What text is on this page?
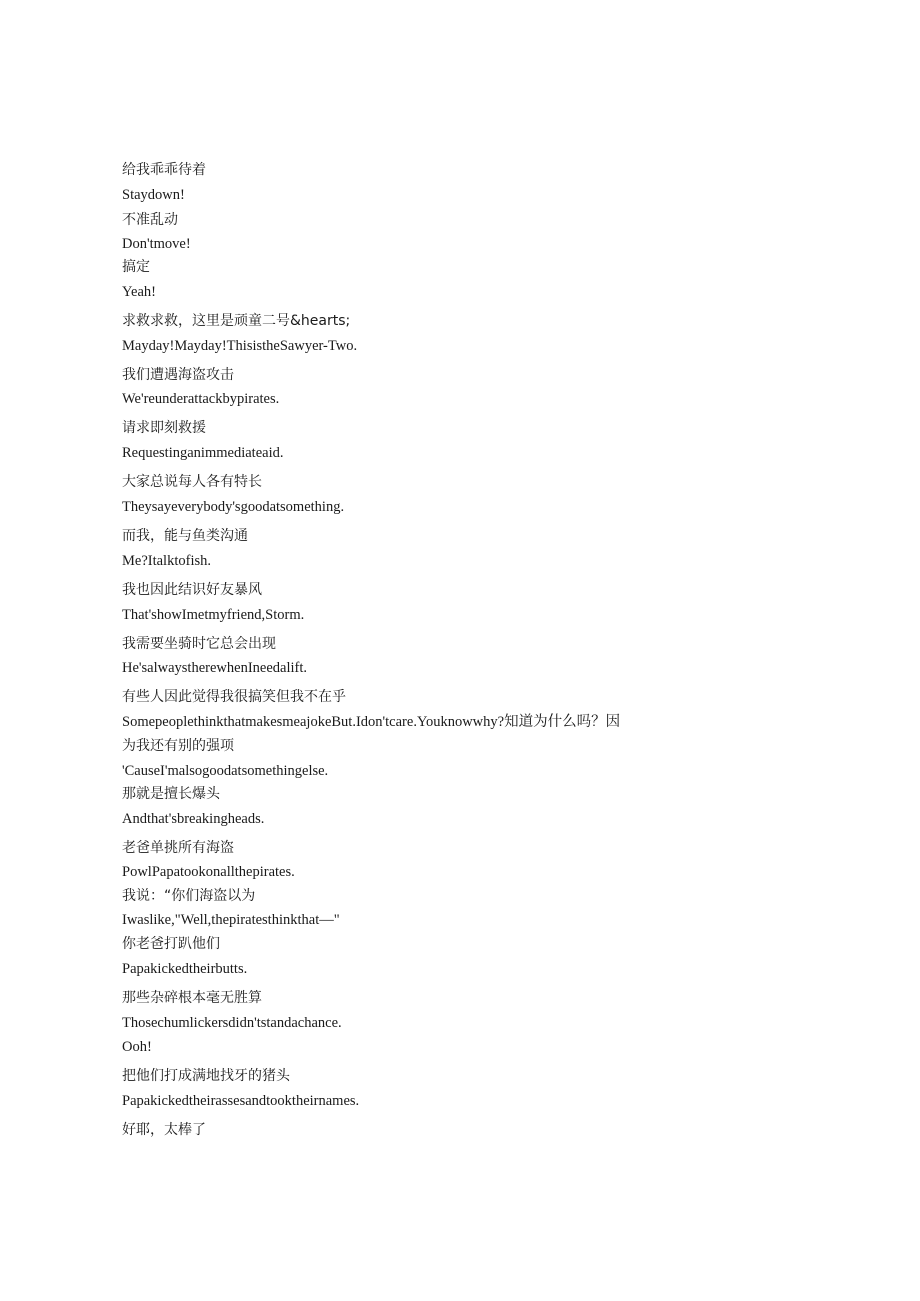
给我乖乖待着
Staydown!
不准乱动
Don'tmove!
搞定
Yeah!
求救求救，这里是顽童二号&hearts;
Mayday!Mayday!ThisistheSawyer-Two.
我们遭遇海盗攻击
We'reunderattackbypirates.
请求即刻救援
Requestinganimmediateaid.
大家总说每人各有特长
Theysayeverybody'sgoodatsomething.
而我，能与鱼类沟通
Me?Italktofish.
我也因此结识好友暴风
That'showImetmyfriend,Storm.
我需要坐骑时它总会出现
He'salwaystherewhenIneedalift.
有些人因此觉得我很搞笑但我不在乎
SomepeoplethinkthatmakesmeajokeBut.Idon'tcare.Youknowwhy?知道为什么吗？因
为我还有别的强项
'CauseI'malsogoodatsomethingelse.
那就是擅长爆头
Andthat'sbreakingheads.
老爸单挑所有海盗
PowlPapatookonallthepirates.
我说：“你们海盗以为
Iwaslike,"Well,thepiratesthinkthat—"
你老爸打趴他们
Papakickedtheirbutts.
那些杂碎根本毫无胜算
Thosechumlickersdidn'tstandachance.
Ooh!
把他们打成满地找牙的猪头
Papakickedtheirassesandtooktheirnames.
好耶，太棒了
